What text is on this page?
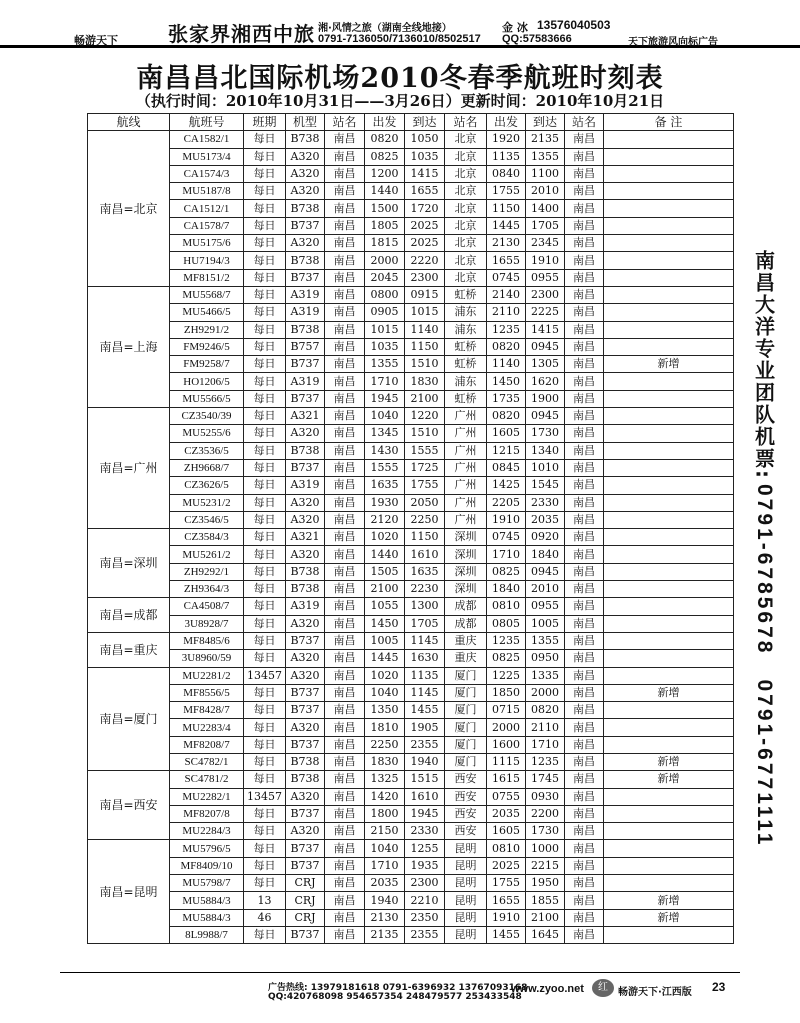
畅游天下	张家界湘西中旅 湘·风情之旅（湖南全线地接）	金 冰 13576040503
0791-7136050/7136010/8502517 QQ:57583666	天下旅游风向标广告
南昌昌北国际机场2010冬春季航班时刻表
（执行时间：2010年10月31日——3月26日）更新时间：2010年10月21日
航线	航班号	班期	机型	站名	出发	到达	站名	出发	到达	站名	备 注
南昌=北京	CA1582/1	每日	B738	南昌	0820	1050	北京	1920	2135	南昌	
	MU5173/4	每日	A320	南昌	0825	1035	北京	1135	1355	南昌	
	CA1574/3	每日	A320	南昌	1200	1415	北京	0840	1100	南昌	
	MU5187/8	每日	A320	南昌	1440	1655	北京	1755	2010	南昌	
	CA1512/1	每日	B738	南昌	1500	1720	北京	1150	1400	南昌	
	CA1578/7	每日	B737	南昌	1805	2025	北京	1445	1705	南昌	
	MU5175/6	每日	A320	南昌	1815	2025	北京	2130	2345	南昌	
	HU7194/3	每日	B738	南昌	2000	2220	北京	1655	1910	南昌	
	MF8151/2	每日	B737	南昌	2045	2300	北京	0745	0955	南昌	
南昌=上海	MU5568/7	每日	A319	南昌	0800	0915	虹桥	2140	2300	南昌	
	MU5466/5	每日	A319	南昌	0905	1015	浦东	2110	2225	南昌	
	ZH9291/2	每日	B738	南昌	1015	1140	浦东	1235	1415	南昌	
	FM9246/5	每日	B757	南昌	1035	1150	虹桥	0820	0945	南昌	
	FM9258/7	每日	B737	南昌	1355	1510	虹桥	1140	1305	南昌	新增
	HO1206/5	每日	A319	南昌	1710	1830	浦东	1450	1620	南昌	
	MU5566/5	每日	B737	南昌	1945	2100	虹桥	1735	1900	南昌	
南昌=广州	CZ3540/39	每日	A321	南昌	1040	1220	广州	0820	0945	南昌	
	MU5255/6	每日	A320	南昌	1345	1510	广州	1605	1730	南昌	
	CZ3536/5	每日	B738	南昌	1430	1555	广州	1215	1340	南昌	
	ZH9668/7	每日	B737	南昌	1555	1725	广州	0845	1010	南昌	
	CZ3626/5	每日	A319	南昌	1635	1755	广州	1425	1545	南昌	
	MU5231/2	每日	A320	南昌	1930	2050	广州	2205	2330	南昌	
	CZ3546/5	每日	A320	南昌	2120	2250	广州	1910	2035	南昌	
南昌=深圳	CZ3584/3	每日	A321	南昌	1020	1150	深圳	0745	0920	南昌	
	MU5261/2	每日	A320	南昌	1440	1610	深圳	1710	1840	南昌	
	ZH9292/1	每日	B738	南昌	1505	1635	深圳	0825	0945	南昌	
	ZH9364/3	每日	B738	南昌	2100	2230	深圳	1840	2010	南昌	
南昌=成都	CA4508/7	每日	A319	南昌	1055	1300	成都	0810	0955	南昌	
	3U8928/7	每日	A320	南昌	1450	1705	成都	0805	1005	南昌	
南昌=重庆	MF8485/6	每日	B737	南昌	1005	1145	重庆	1235	1355	南昌	
	3U8960/59	每日	A320	南昌	1445	1630	重庆	0825	0950	南昌	
南昌=厦门	MU2281/2	13457	A320	南昌	1020	1135	厦门	1225	1335	南昌	
	MF8556/5	每日	B737	南昌	1040	1145	厦门	1850	2000	南昌	新增
	MF8428/7	每日	B737	南昌	1350	1455	厦门	0715	0820	南昌	
	MU2283/4	每日	A320	南昌	1810	1905	厦门	2000	2110	南昌	
	MF8208/7	每日	B737	南昌	2250	2355	厦门	1600	1710	南昌	
	SC4782/1	每日	B738	南昌	1830	1940	厦门	1115	1235	南昌	新增
南昌=西安	SC4781/2	每日	B738	南昌	1325	1515	西安	1615	1745	南昌	新增
	MU2282/1	13457	A320	南昌	1420	1610	西安	0755	0930	南昌	
	MF8207/8	每日	B737	南昌	1800	1945	西安	2035	2200	南昌	
	MU2284/3	每日	A320	南昌	2150	2330	西安	1605	1730	南昌	
南昌=昆明	MU5796/5	每日	B737	南昌	1040	1255	昆明	0810	1000	南昌	
	MF8409/10	每日	B737	南昌	1710	1935	昆明	2025	2215	南昌	
	MU5798/7	每日	CRJ	南昌	2035	2300	昆明	1755	1950	南昌	
	MU5884/3	13	CRJ	南昌	1940	2210	昆明	1655	1855	南昌	新增
	MU5884/3	46	CRJ	南昌	2130	2350	昆明	1910	2100	南昌	新增
	8L9988/7	每日	B737	南昌	2135	2355	昆明	1455	1645	南昌	
南昌大洋专业团队机票:
0791-6785678　0791-6771111
广告热线: 13979181618 0791-6396932 13767093168
QQ:420768098 954657354 248479577 253433548
www.zyoo.net	红	畅游天下·江西版 23
